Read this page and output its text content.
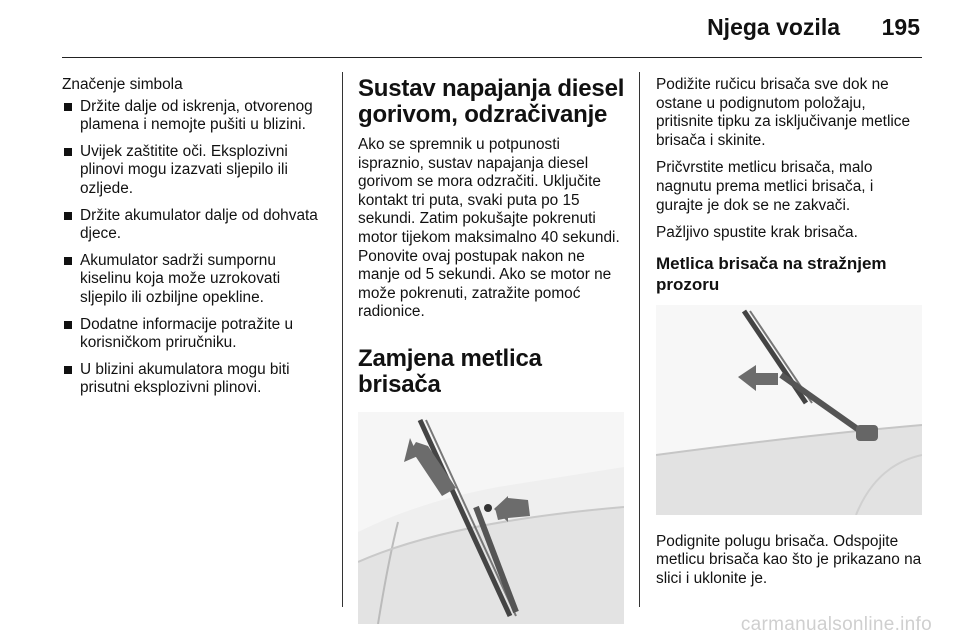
Njega vozila 195

Značenje simbola

Držite dalje od iskrenja, otvorenog plamena i nemojte pušiti u blizini.
Uvijek zaštitite oči. Eksplozivni plinovi mogu izazvati sljepilo ili ozljede.
Držite akumulator dalje od dohvata djece.
Akumulator sadrži sumpornu kiselinu koja može uzrokovati sljepilo ili ozbiljne opekline.
Dodatne informacije potražite u korisničkom priručniku.
U blizini akumulatora mogu biti prisutni eksplozivni plinovi.
Sustav napajanja diesel gorivom, odzračivanje

Ako se spremnik u potpunosti ispraznio, sustav napajanja diesel gorivom se mora odzračiti. Uključite kontakt tri puta, svaki puta po 15 sekundi. Zatim pokušajte pokrenuti motor tijekom maksimalno 40 sekundi. Ponovite ovaj postupak nakon ne manje od 5 sekundi. Ako se motor ne može pokrenuti, zatražite pomoć radionice.

Zamjena metlica brisača

Podižite ručicu brisača sve dok ne ostane u podignutom položaju, pritisnite tipku za isključivanje metlice brisača i skinite.

Pričvrstite metlicu brisača, malo nagnutu prema metlici brisača, i gurajte je dok se ne zakvači.

Pažljivo spustite krak brisača.

Metlica brisača na stražnjem prozoru

Podignite polugu brisača. Odspojite metlicu brisača kao što je prikazano na slici i uklonite je.

carmanualsonline.info
